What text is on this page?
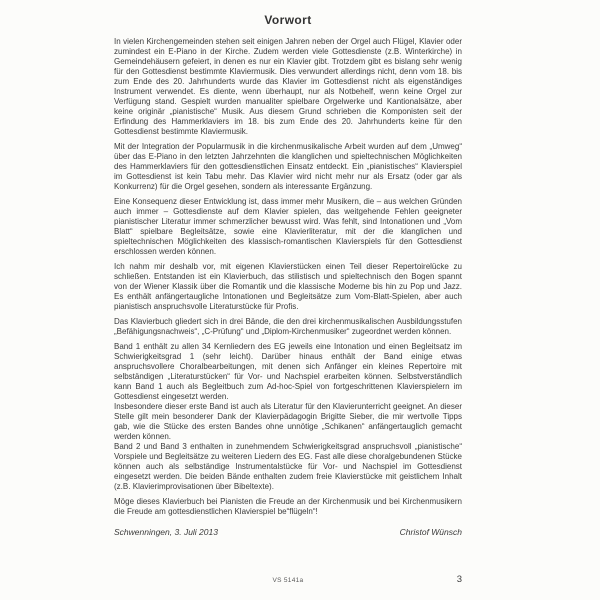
Vorwort

In vielen Kirchengemeinden stehen seit einigen Jahren neben der Orgel auch Flügel, Klavier oder zumindest ein E-Piano in der Kirche. Zudem werden viele Gottesdienste (z.B. Winterkirche) in Gemeindehäusern gefeiert, in denen es nur ein Klavier gibt. Trotzdem gibt es bislang sehr wenig für den Gottesdienst bestimmte Klaviermusik. Dies verwundert allerdings nicht, denn vom 18. bis zum Ende des 20. Jahrhunderts wurde das Klavier im Gottesdienst nicht als eigenständiges Instrument verwendet. Es diente, wenn überhaupt, nur als Notbehelf, wenn keine Orgel zur Verfügung stand. Gespielt wurden manualiter spielbare Orgelwerke und Kantionalsätze, aber keine originär „pianistische“ Musik. Aus diesem Grund schrieben die Komponisten seit der Erfindung des Hammerklaviers im 18. bis zum Ende des 20. Jahrhunderts keine für den Gottesdienst bestimmte Klaviermusik.

Mit der Integration der Popularmusik in die kirchenmusikalische Arbeit wurden auf dem „Umweg“ über das E-Piano in den letzten Jahrzehnten die klanglichen und spieltechnischen Möglichkeiten des Hammerklaviers für den gottesdienstlichen Einsatz entdeckt. Ein „pianistisches“ Klavierspiel im Gottesdienst ist kein Tabu mehr. Das Klavier wird nicht mehr nur als Ersatz (oder gar als Konkurrenz) für die Orgel gesehen, sondern als interessante Ergänzung.

Eine Konsequenz dieser Entwicklung ist, dass immer mehr Musikern, die – aus welchen Gründen auch immer – Gottesdienste auf dem Klavier spielen, das weitgehende Fehlen geeigneter pianistischer Literatur immer schmerzlicher bewusst wird. Was fehlt, sind Intonationen und „Vom Blatt“ spielbare Begleitsätze, sowie eine Klavierliteratur, mit der die klanglichen und spieltechnischen Möglichkeiten des klassisch-romantischen Klavierspiels für den Gottesdienst erschlossen werden können.

Ich nahm mir deshalb vor, mit eigenen Klavierstücken einen Teil dieser Repertoirelücke zu schließen. Entstanden ist ein Klavierbuch, das stilistisch und spieltechnisch den Bogen spannt von der Wiener Klassik über die Romantik und die klassische Moderne bis hin zu Pop und Jazz. Es enthält anfängertaugliche Intonationen und Begleitsätze zum Vom-Blatt-Spielen, aber auch pianistisch anspruchsvolle Literaturstücke für Profis.

Das Klavierbuch gliedert sich in drei Bände, die den drei kirchenmusikalischen Ausbildungsstufen „Befähigungsnachweis“, „C-Prüfung“ und „Diplom-Kirchenmusiker“ zugeordnet werden können.

Band 1 enthält zu allen 34 Kernliedern des EG jeweils eine Intonation und einen Begleitsatz im Schwierigkeitsgrad 1 (sehr leicht). Darüber hinaus enthält der Band einige etwas anspruchsvollere Choralbearbeitungen, mit denen sich Anfänger ein kleines Repertoire mit selbständigen „Literaturstücken“ für Vor- und Nachspiel erarbeiten können. Selbstverständlich kann Band 1 auch als Begleitbuch zum Ad-hoc-Spiel von fortgeschrittenen Klavierspielern im Gottesdienst eingesetzt werden.

Insbesondere dieser erste Band ist auch als Literatur für den Klavierunterricht geeignet. An dieser Stelle gilt mein besonderer Dank der Klavierpädagogin Brigitte Sieber, die mir wertvolle Tipps gab, wie die Stücke des ersten Bandes ohne unnötige „Schikanen“ anfängertauglich gemacht werden können.

Band 2 und Band 3 enthalten in zunehmendem Schwierigkeitsgrad anspruchsvoll „pianistische“ Vorspiele und Begleitsätze zu weiteren Liedern des EG. Fast alle diese choralgebundenen Stücke können auch als selbständige Instrumentalstücke für Vor- und Nachspiel im Gottesdienst eingesetzt werden. Die beiden Bände enthalten zudem freie Klavierstücke mit geistlichem Inhalt (z.B. Klavierimprovisationen über Bibeltexte).

Möge dieses Klavierbuch bei Pianisten die Freude an der Kirchenmusik und bei Kirchenmusikern die Freude am gottesdienstlichen Klavierspiel be“flügeln“!

Schwenningen, 3. Juli 2013	Christof Wünsch
VS 5141a	3
